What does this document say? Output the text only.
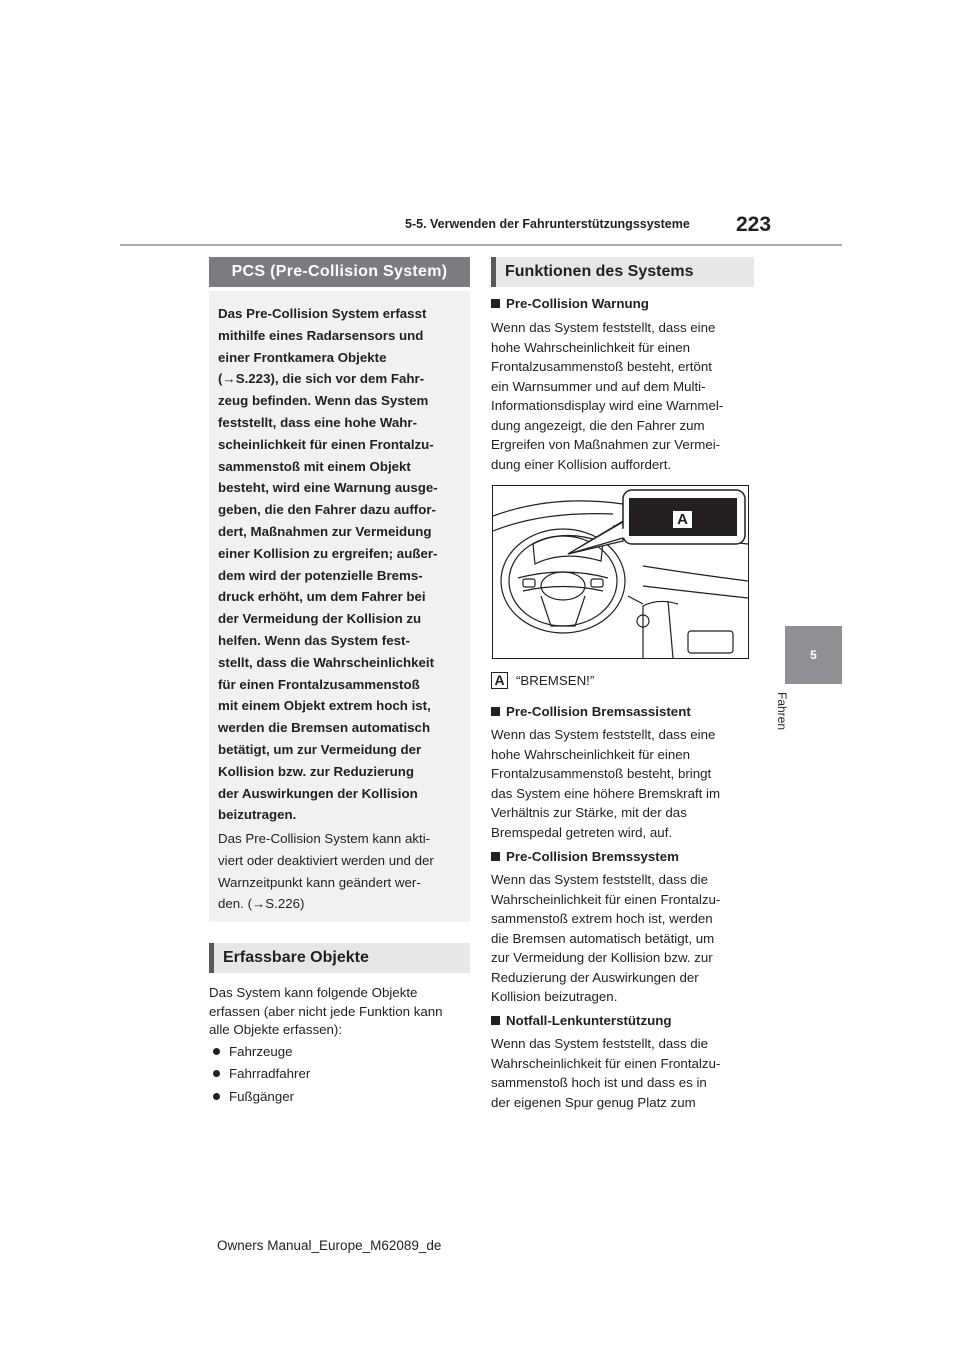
5-5. Verwenden der Fahrunterstützungssysteme 223
5
Fahren
PCS (Pre-Collision System)
Das Pre-Collision System erfasst
mithilfe eines Radarsensors und
einer Frontkamera Objekte
(→S.223), die sich vor dem Fahr-
zeug befinden. Wenn das System
feststellt, dass eine hohe Wahr-
scheinlichkeit für einen Frontalzu-
sammenstoß mit einem Objekt
besteht, wird eine Warnung ausge-
geben, die den Fahrer dazu auffor-
dert, Maßnahmen zur Vermeidung
einer Kollision zu ergreifen; außer-
dem wird der potenzielle Brems-
druck erhöht, um dem Fahrer bei
der Vermeidung der Kollision zu
helfen. Wenn das System fest-
stellt, dass die Wahrscheinlichkeit
für einen Frontalzusammenstoß
mit einem Objekt extrem hoch ist,
werden die Bremsen automatisch
betätigt, um zur Vermeidung der
Kollision bzw. zur Reduzierung
der Auswirkungen der Kollision
beizutragen.
Das Pre-Collision System kann akti-
viert oder deaktiviert werden und der
Warnzeitpunkt kann geändert wer-
den. (→S.226)
Erfassbare Objekte
Das System kann folgende Objekte
erfassen (aber nicht jede Funktion kann
alle Objekte erfassen):
Fahrzeuge
Fahrradfahrer
Fußgänger
Funktionen des Systems
Pre-Collision Warnung
Wenn das System feststellt, dass eine
hohe Wahrscheinlichkeit für einen
Frontalzusammenstoß besteht, ertönt
ein Warnsummer und auf dem Multi-
Informationsdisplay wird eine Warnmel-
dung angezeigt, die den Fahrer zum
Ergreifen von Maßnahmen zur Vermei-
dung einer Kollision auffordert.
A
A “BREMSEN!”
Pre-Collision Bremsassistent
Wenn das System feststellt, dass eine
hohe Wahrscheinlichkeit für einen
Frontalzusammenstoß besteht, bringt
das System eine höhere Bremskraft im
Verhältnis zur Stärke, mit der das
Bremspedal getreten wird, auf.
Pre-Collision Bremssystem
Wenn das System feststellt, dass die
Wahrscheinlichkeit für einen Frontalzu-
sammenstoß extrem hoch ist, werden
die Bremsen automatisch betätigt, um
zur Vermeidung der Kollision bzw. zur
Reduzierung der Auswirkungen der
Kollision beizutragen.
Notfall-Lenkunterstützung
Wenn das System feststellt, dass die
Wahrscheinlichkeit für einen Frontalzu-
sammenstoß hoch ist und dass es in
der eigenen Spur genug Platz zum
Owners Manual_Europe_M62089_de
